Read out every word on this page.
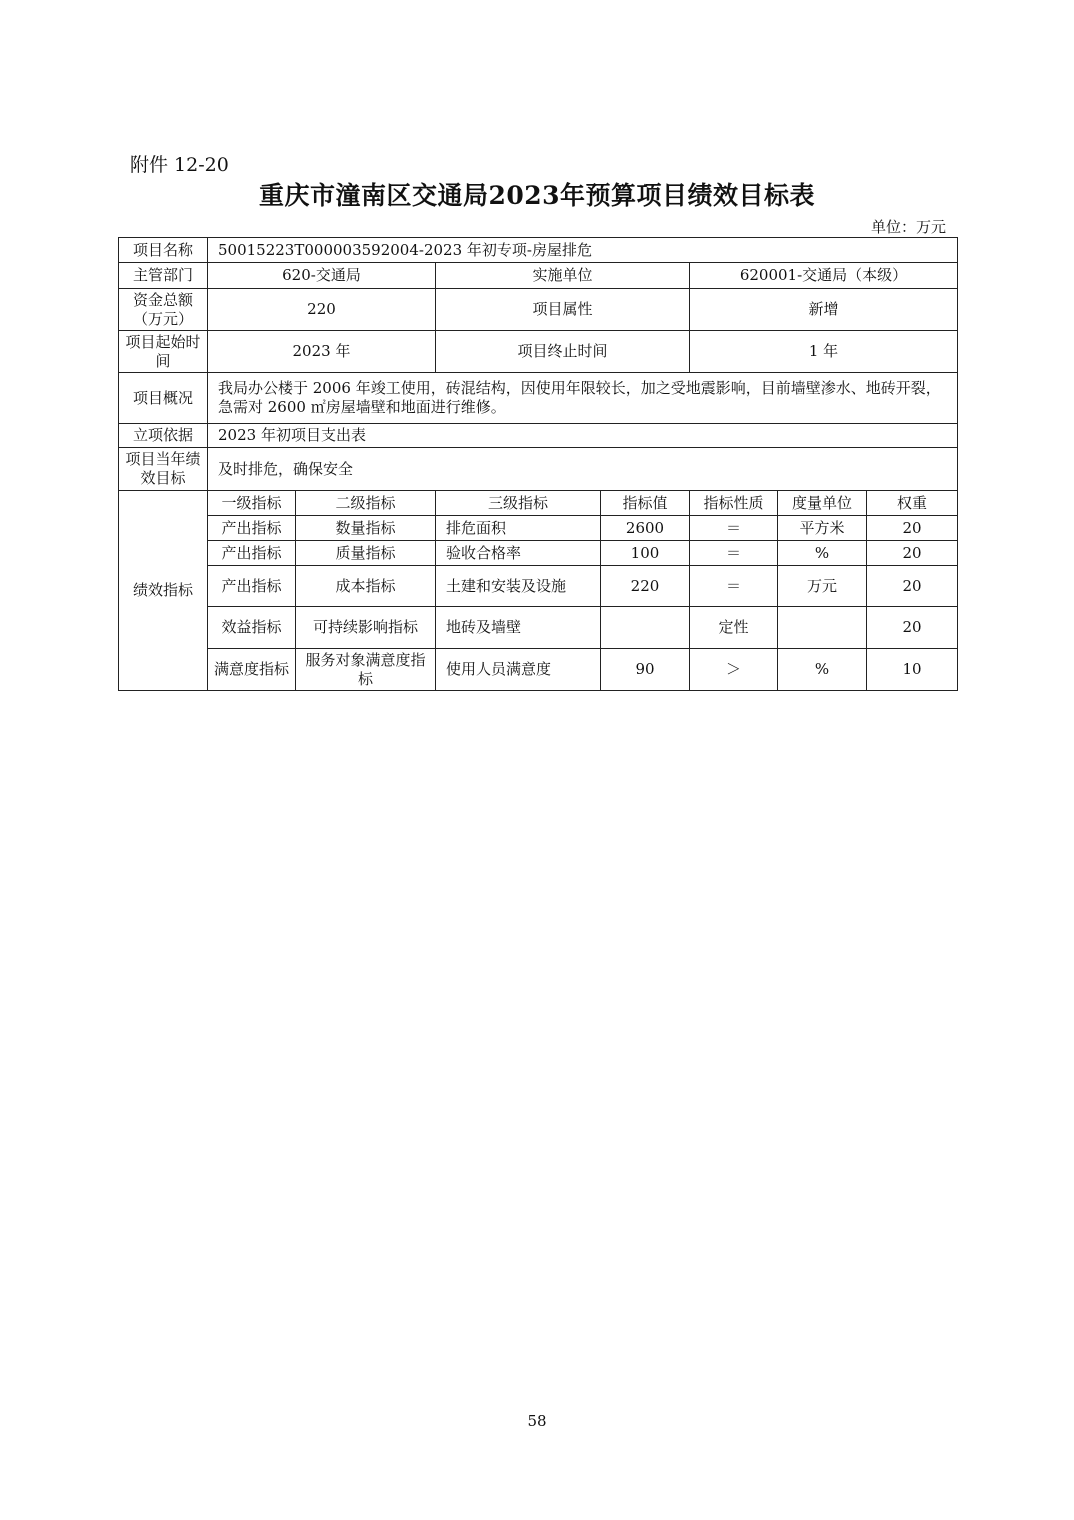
附件 12-20
重庆市潼南区交通局2023年预算项目绩效目标表
单位：万元
项目名称	50015223T000003592004-2023 年初专项-房屋排危						
主管部门	620-交通局		实施单位		620001-交通局（本级）		
资金总额（万元）	220		项目属性		新增		
项目起始时间	2023 年		项目终止时间		1 年		
项目概况	我局办公楼于 2006 年竣工使用，砖混结构，因使用年限较长，加之受地震影响，目前墙壁渗水、地砖开裂，急需对 2600 ㎡房屋墙壁和地面进行维修。						
立项依据	2023 年初项目支出表						
项目当年绩效目标	及时排危，确保安全						
绩效指标	一级指标	二级指标	三级指标	指标值	指标性质	度量单位	权重
	产出指标	数量指标	排危面积	2600	＝	平方米	20
	产出指标	质量指标	验收合格率	100	＝	%	20
	产出指标	成本指标	土建和安装及设施	220	＝	万元	20
	效益指标	可持续影响指标	地砖及墙壁		定性		20
	满意度指标	服务对象满意度指标	使用人员满意度	90	＞	%	10
58
